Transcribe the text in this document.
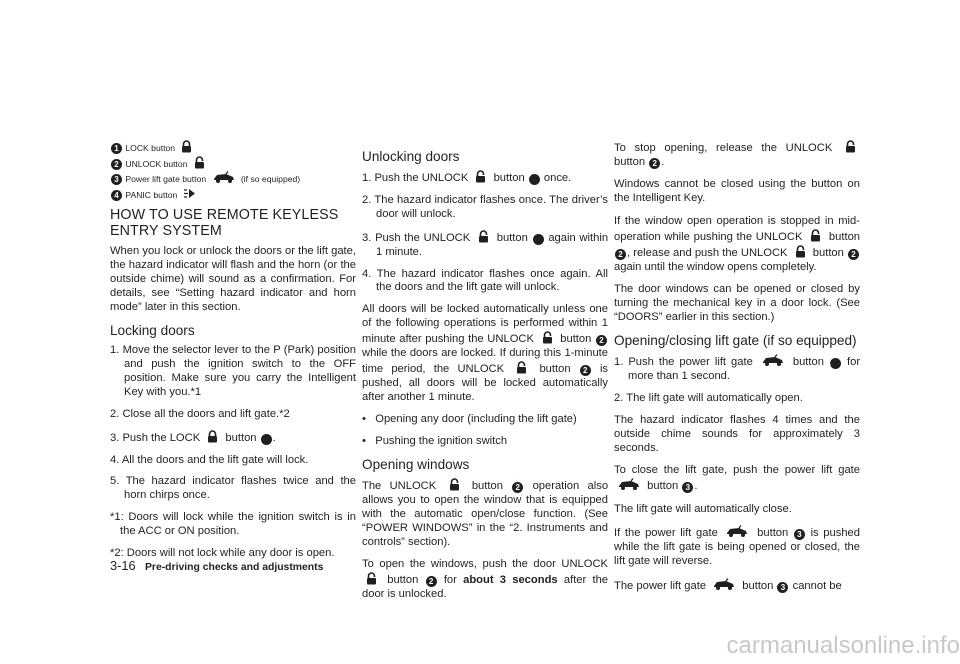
1 LOCK button
2 UNLOCK button
3 Power lift gate button	(if so equipped)
4 PANIC button
HOW TO USE REMOTE KEYLESS ENTRY SYSTEM

When you lock or unlock the doors or the lift gate, the hazard indicator will flash and the horn (or the outside chime) will sound as a confirmation. For details, see “Setting hazard indicator and horn mode” later in this section.

Locking doors

1. Move the selector lever to the P (Park) position and push the ignition switch to the OFF position. Make sure you carry the Intelligent Key with you.*1

2. Close all the doors and lift gate.*2

3. Push the LOCK button 1 .

4. All the doors and the lift gate will lock.

5. The hazard indicator flashes twice and the horn chirps once.

*1: Doors will lock while the ignition switch is in the ACC or ON position.

*2: Doors will not lock while any door is open.

Unlocking doors

1. Push the UNLOCK button 2 once.

2. The hazard indicator flashes once. The driver’s door will unlock.

3. Push the UNLOCK button 2 again within 1 minute.

4. The hazard indicator flashes once again. All the doors and the lift gate will unlock.

All doors will be locked automatically unless one of the following operations is performed within 1 minute after pushing the UNLOCK button 2 while the doors are locked. If during this 1-minute time period, the UNLOCK	button 2 is pushed, all doors will be locked automatically after another 1 minute.

• Opening any door (including the lift gate)

• Pushing the ignition switch

Opening windows

The UNLOCK	button 2 operation also allows you to open the window that is equipped with the automatic open/close function. (See “POWER WINDOWS” in the “2. Instruments and controls” section).

To open the windows, push the door UNLOCK  button 2 for about 3 seconds after the door is unlocked.

To stop opening, release the UNLOCK  button 2 .

Windows cannot be closed using the button on the Intelligent Key.

If the window open operation is stopped in mid-operation while pushing the UNLOCK button 2 , release and push the UNLOCK button 2 again until the window opens completely.

The door windows can be opened or closed by turning the mechanical key in a door lock. (See “DOORS” earlier in this section.)

Opening/closing lift gate (if so equipped)

1. Push the power lift gate	button 3 for more than 1 second.

2. The lift gate will automatically open.

The hazard indicator flashes 4 times and the outside chime sounds for approximately 3 seconds.

To close the lift gate, push the power lift gate  button 3 .

The lift gate will automatically close.

If the power lift gate	button 3 is pushed while the lift gate is being opened or closed, the lift gate will reverse.

The power lift gate	button 3 cannot be

3-16 Pre-driving checks and adjustments
carmanualsonline.info
